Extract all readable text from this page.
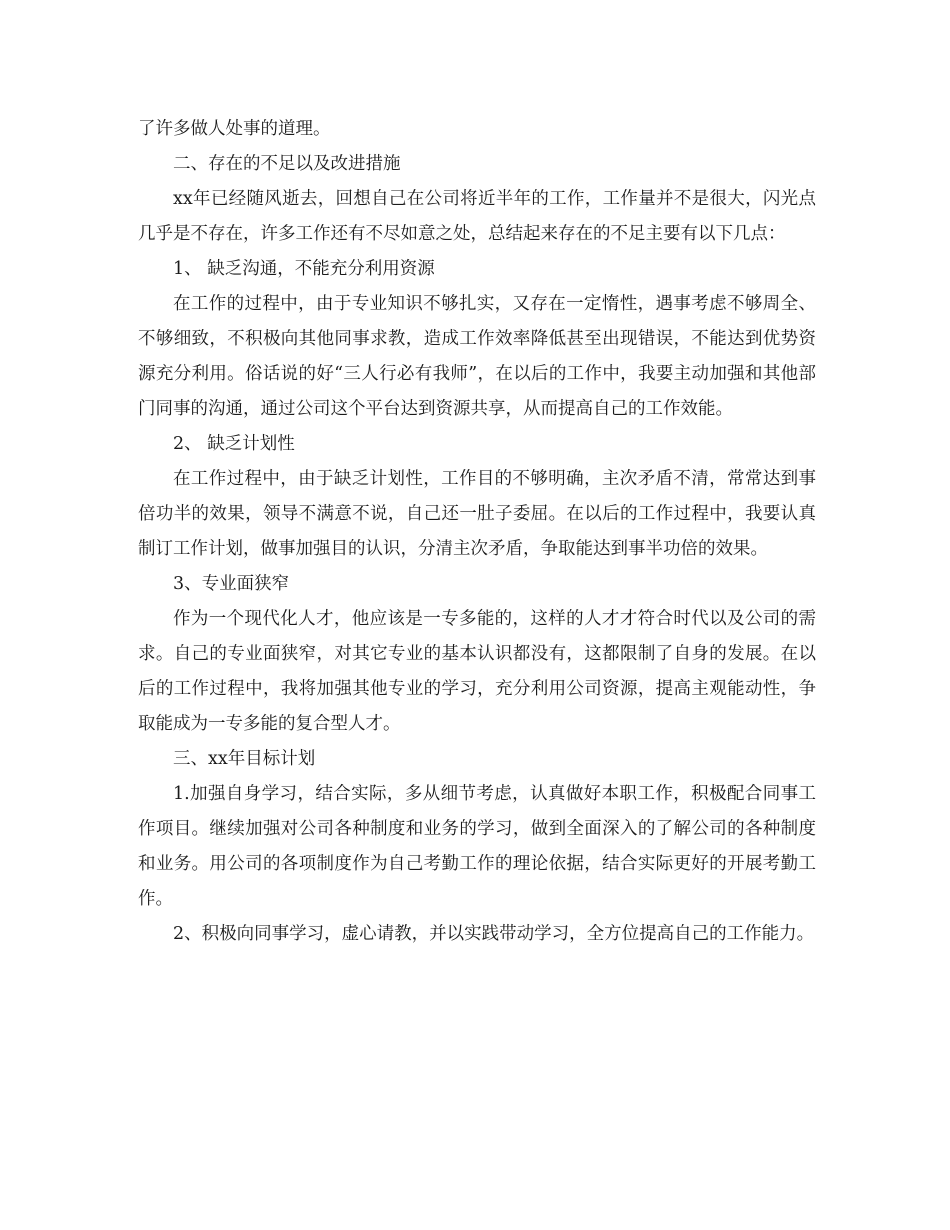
了许多做人处事的道理。

二、存在的不足以及改进措施

xx年已经随风逝去，回想自己在公司将近半年的工作，工作量并不是很大，闪光点几乎是不存在，许多工作还有不尽如意之处，总结起来存在的不足主要有以下几点：

1、 缺乏沟通，不能充分利用资源

在工作的过程中，由于专业知识不够扎实，又存在一定惰性，遇事考虑不够周全、不够细致，不积极向其他同事求教，造成工作效率降低甚至出现错误，不能达到优势资源充分利用。俗话说的好“三人行必有我师”，在以后的工作中，我要主动加强和其他部门同事的沟通，通过公司这个平台达到资源共享，从而提高自己的工作效能。

2、 缺乏计划性

在工作过程中，由于缺乏计划性，工作目的不够明确，主次矛盾不清，常常达到事倍功半的效果，领导不满意不说，自己还一肚子委屈。在以后的工作过程中，我要认真制订工作计划，做事加强目的认识，分清主次矛盾，争取能达到事半功倍的效果。

3、专业面狭窄

作为一个现代化人才，他应该是一专多能的，这样的人才才符合时代以及公司的需求。自己的专业面狭窄，对其它专业的基本认识都没有，这都限制了自身的发展。在以后的工作过程中，我将加强其他专业的学习，充分利用公司资源，提高主观能动性，争取能成为一专多能的复合型人才。

三、xx年目标计划

1.加强自身学习，结合实际，多从细节考虑，认真做好本职工作，积极配合同事工作项目。继续加强对公司各种制度和业务的学习，做到全面深入的了解公司的各种制度和业务。用公司的各项制度作为自己考勤工作的理论依据，结合实际更好的开展考勤工作。

2、积极向同事学习，虚心请教，并以实践带动学习，全方位提高自己的工作能力。
